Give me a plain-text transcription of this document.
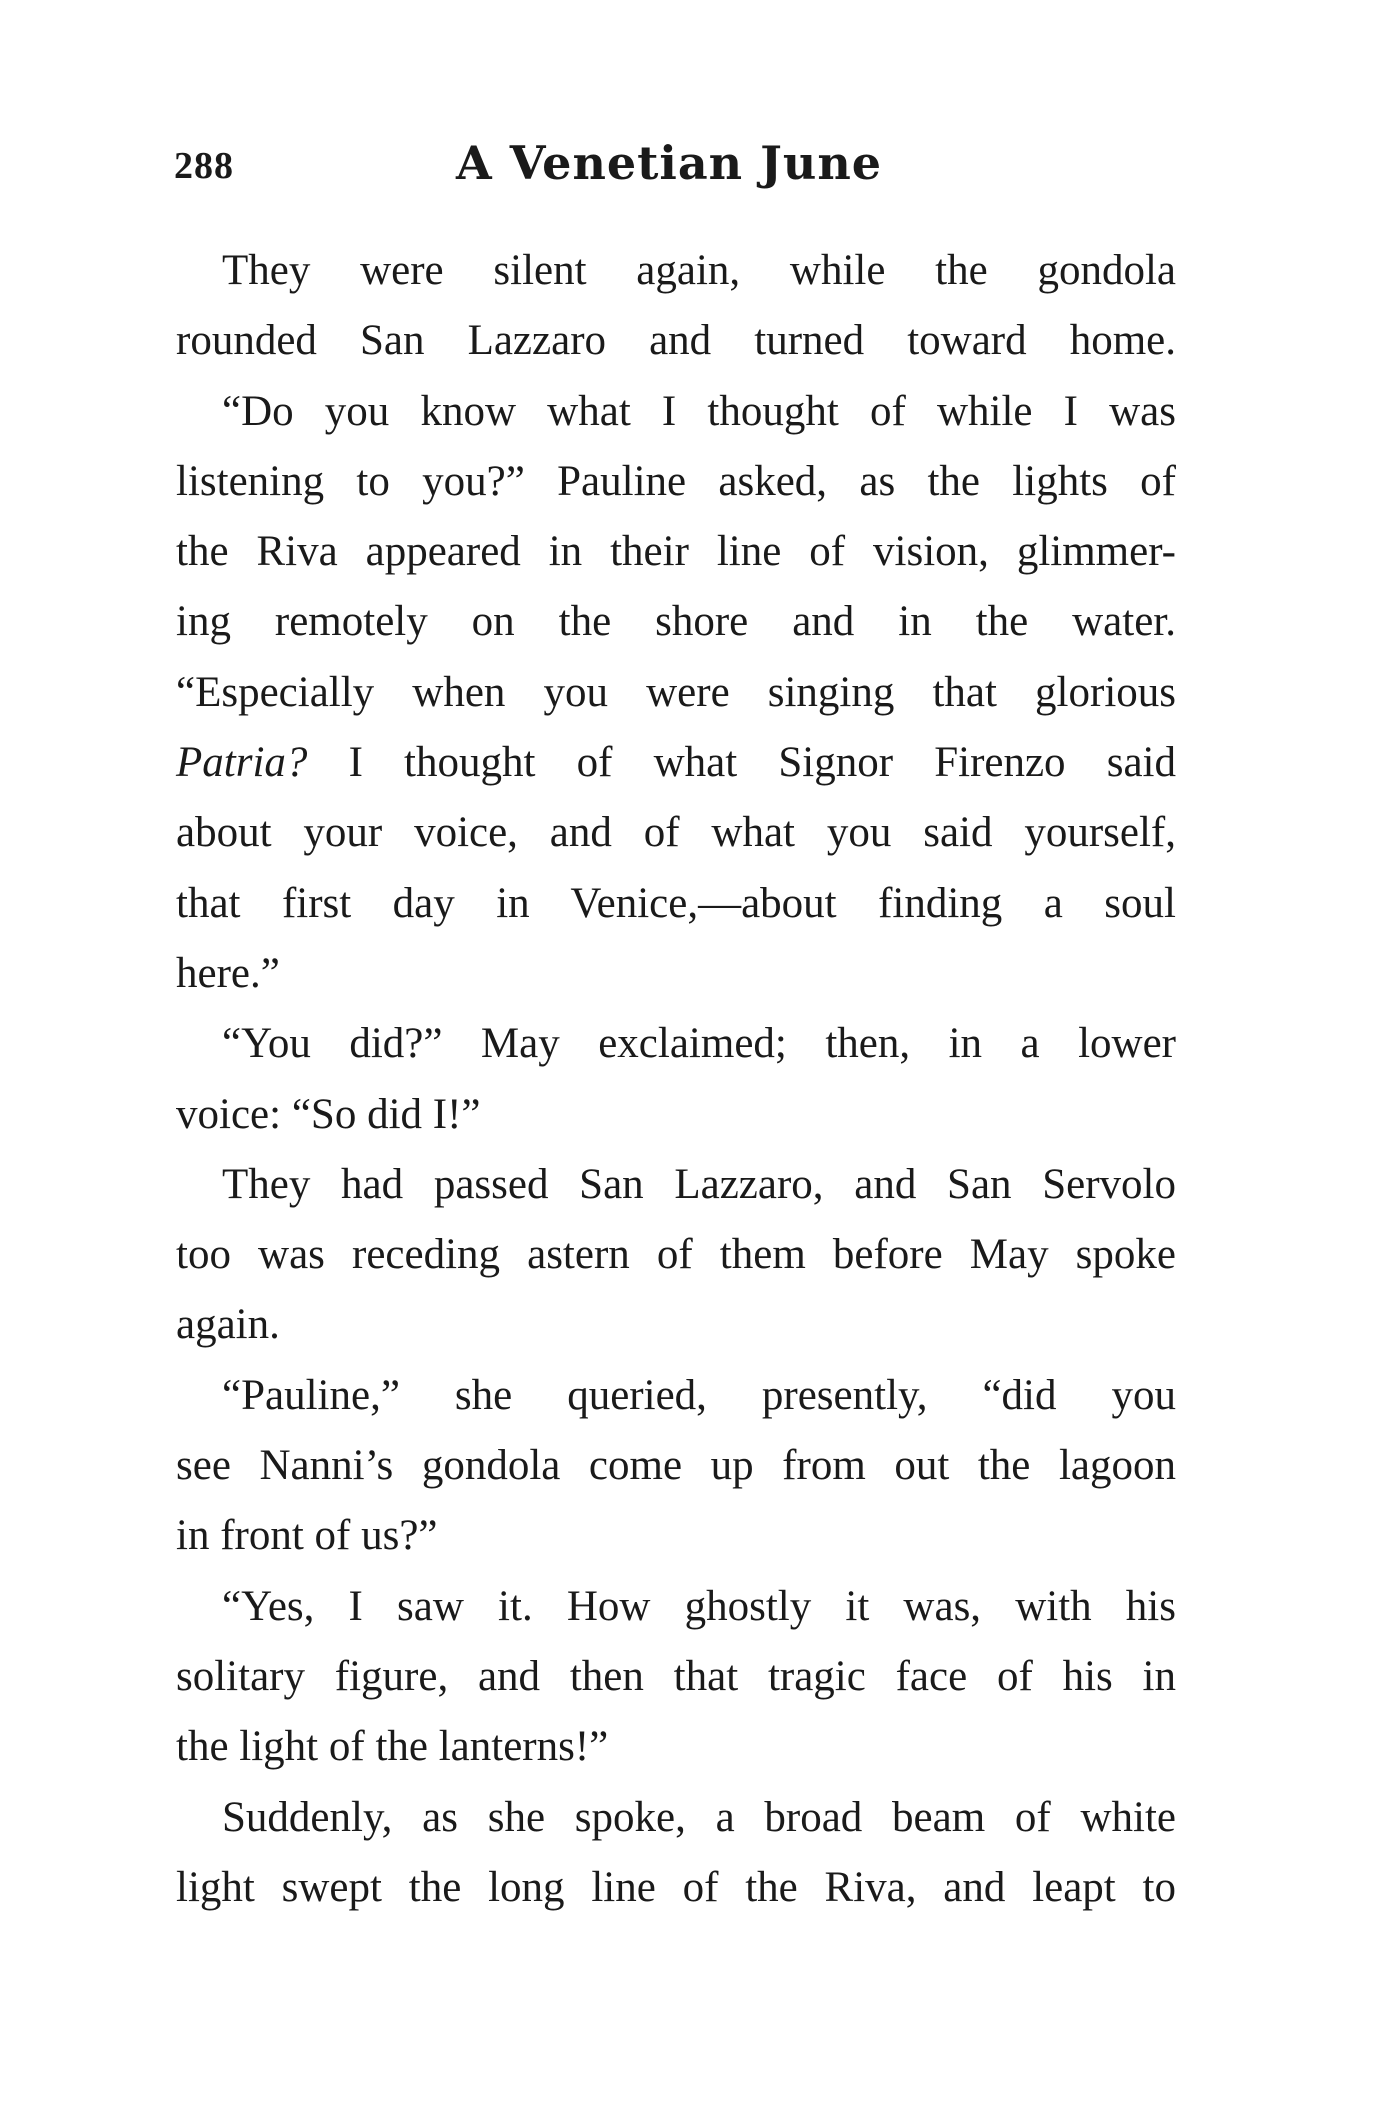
288	A Venetian June
They were silent again, while the gondola
rounded San Lazzaro and turned toward home.
“Do you know what I thought of while I was
listening to you?” Pauline asked, as the lights of
the Riva appeared in their line of vision, glimmer-
ing remotely on the shore and in the water.
“Especially when you were singing that glorious
Patria? I thought of what Signor Firenzo said
about your voice, and of what you said yourself,
that first day in Venice,—about finding a soul
here.”
“You did?” May exclaimed; then, in a lower
voice: “So did I!”
They had passed San Lazzaro, and San Servolo
too was receding astern of them before May spoke
again.
“Pauline,” she queried, presently, “did you
see Nanni’s gondola come up from out the lagoon
in front of us?”
“Yes, I saw it. How ghostly it was, with his
solitary figure, and then that tragic face of his in
the light of the lanterns!”
Suddenly, as she spoke, a broad beam of white
light swept the long line of the Riva, and leapt to
